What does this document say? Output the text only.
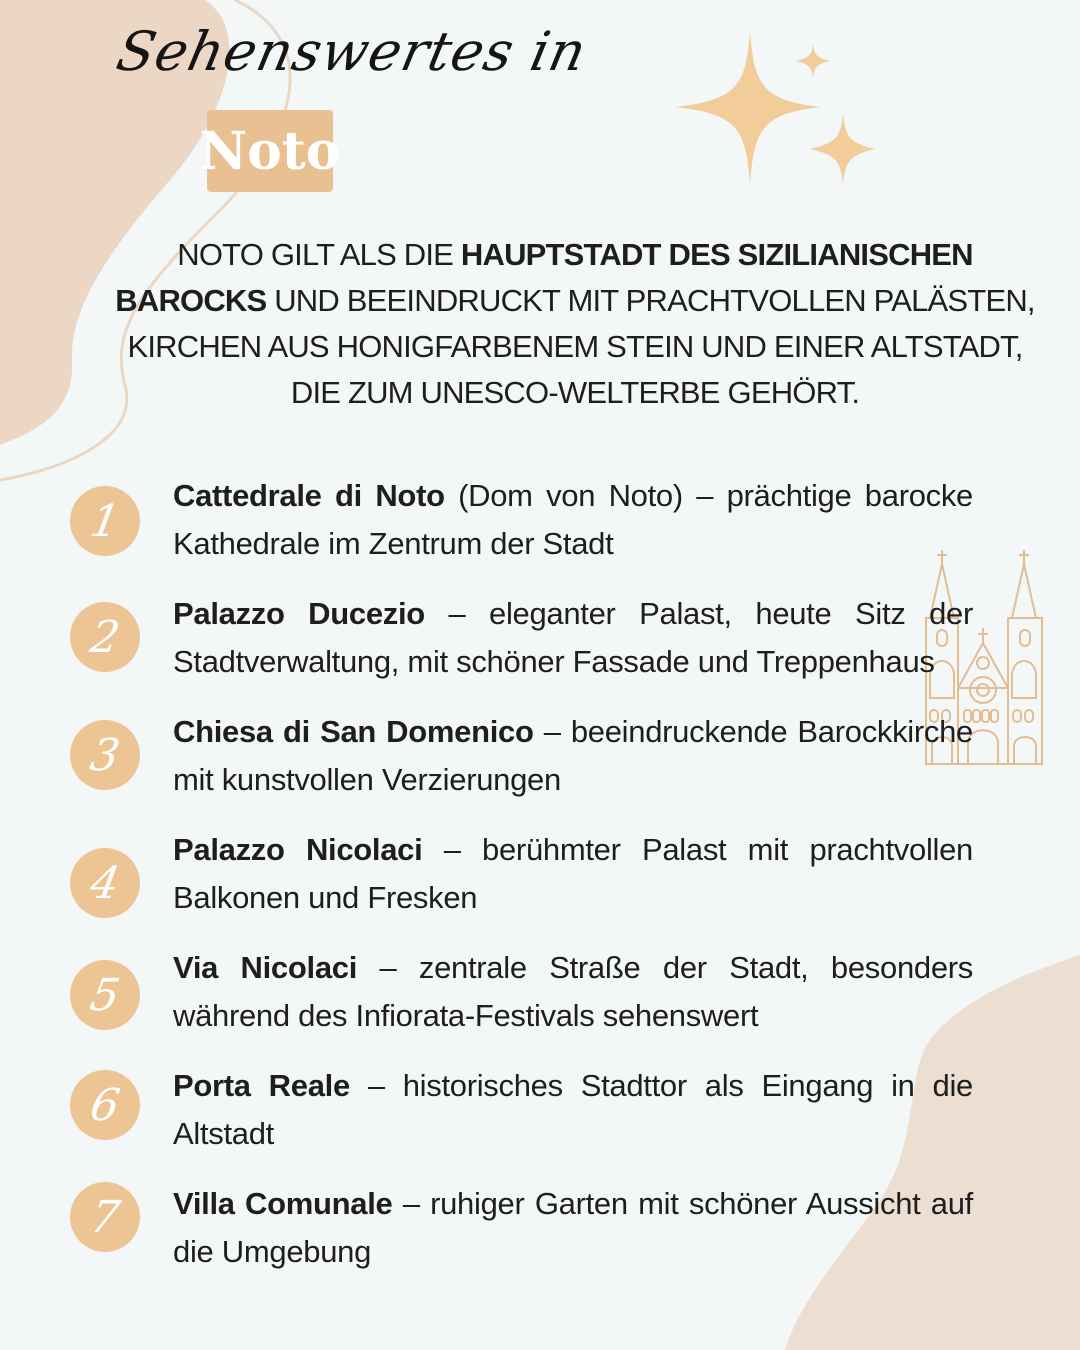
Sehenswertes in
Noto
NOTO GILT ALS DIE HAUPTSTADT DES SIZILIANISCHEN BAROCKS UND BEEINDRUCKT MIT PRACHTVOLLEN PALÄSTEN, KIRCHEN AUS HONIGFARBENEM STEIN UND EINER ALTSTADT, DIE ZUM UNESCO-WELTERBE GEHÖRT.
1 Cattedrale di Noto (Dom von Noto) – prächtige barocke Kathedrale im Zentrum der Stadt
2 Palazzo Ducezio – eleganter Palast, heute Sitz der Stadtverwaltung, mit schöner Fassade und Treppenhaus
3 Chiesa di San Domenico – beeindruckende Barockkirche mit kunstvollen Verzierungen
4
Palazzo Nicolaci – berühmter Palast mit prachtvollen Balkonen und Fresken
5
Via Nicolaci – zentrale Straße der Stadt, besonders während des Infiorata-Festivals sehenswert
6 Porta Reale – historisches Stadttor als Eingang in die Altstadt
7 Villa Comunale – ruhiger Garten mit schöner Aussicht auf die Umgebung
